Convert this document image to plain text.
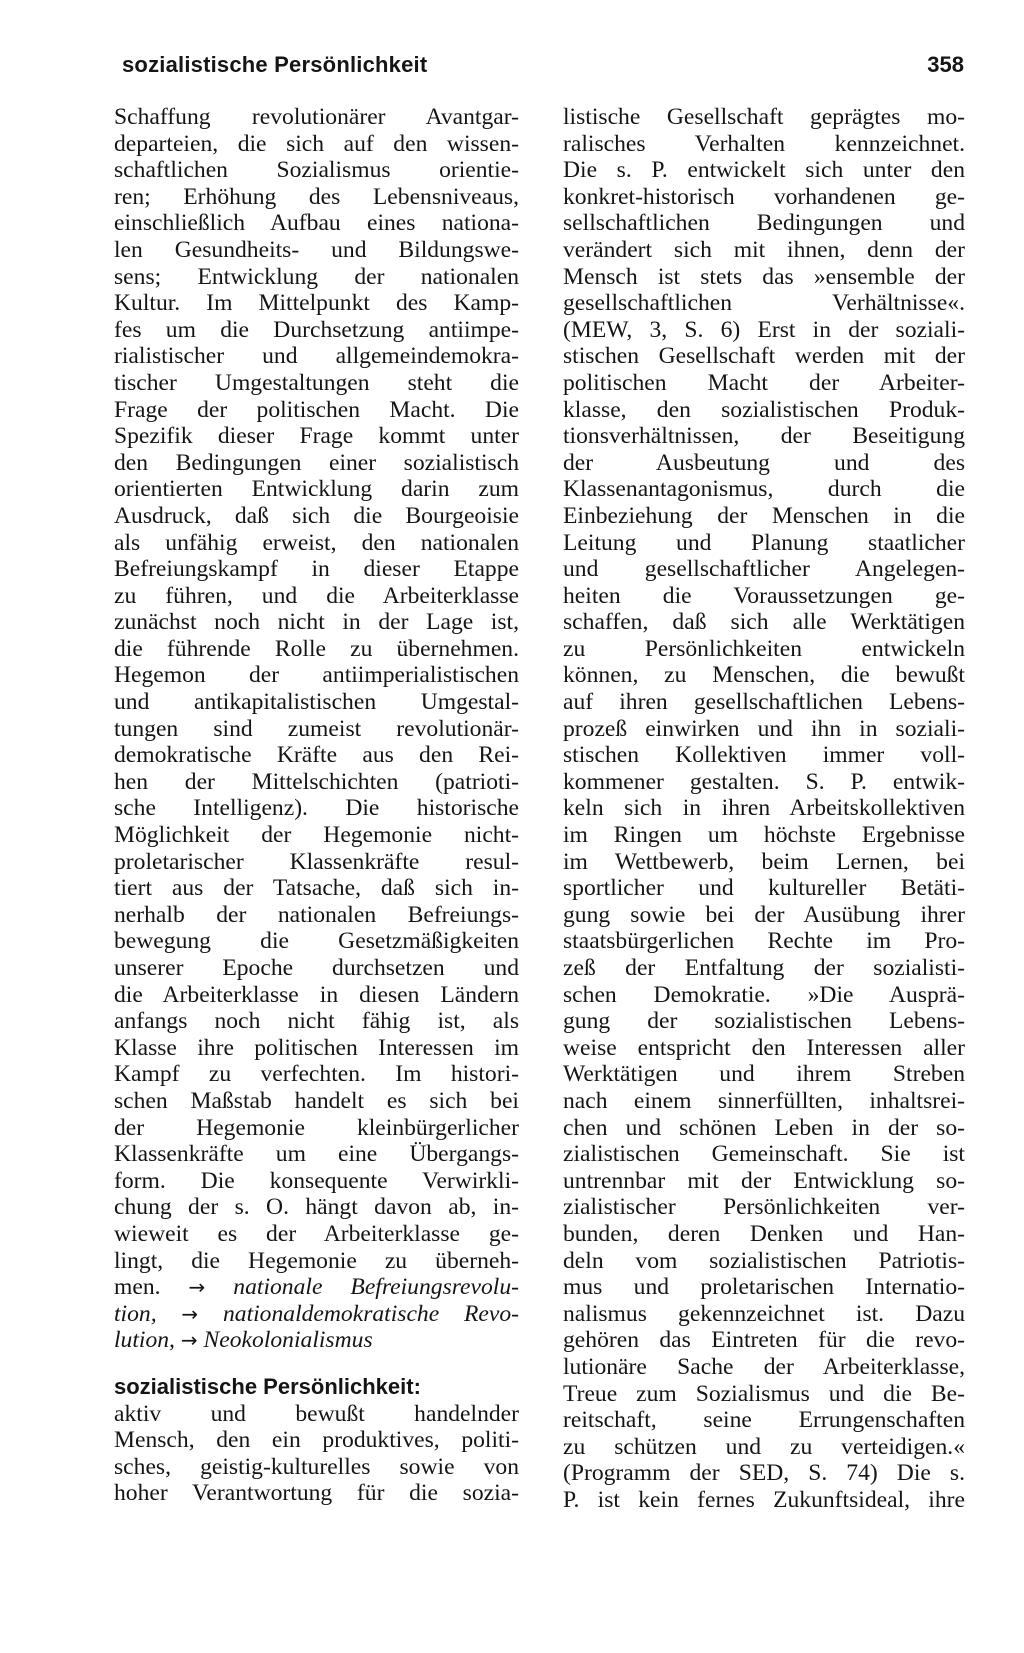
sozialistische Persönlichkeit	358
Schaffung revolutionärer Avantgar-
departeien, die sich auf den wissen-
schaftlichen Sozialismus orientie-
ren; Erhöhung des Lebensniveaus,
einschließlich Aufbau eines nationa-
len Gesundheits- und Bildungswe-
sens; Entwicklung der nationalen
Kultur. Im Mittelpunkt des Kamp-
fes um die Durchsetzung antiimpe-
rialistischer und allgemeindemokra-
tischer Umgestaltungen steht die
Frage der politischen Macht. Die
Spezifik dieser Frage kommt unter
den Bedingungen einer sozialistisch
orientierten Entwicklung darin zum
Ausdruck, daß sich die Bourgeoisie
als unfähig erweist, den nationalen
Befreiungskampf in dieser Etappe
zu führen, und die Arbeiterklasse
zunächst noch nicht in der Lage ist,
die führende Rolle zu übernehmen.
Hegemon der antiimperialistischen
und antikapitalistischen Umgestal-
tungen sind zumeist revolutionär-
demokratische Kräfte aus den Rei-
hen der Mittelschichten (patrioti-
sche Intelligenz). Die historische
Möglichkeit der Hegemonie nicht-
proletarischer Klassenkräfte resul-
tiert aus der Tatsache, daß sich in-
nerhalb der nationalen Befreiungs-
bewegung die Gesetzmäßigkeiten
unserer Epoche durchsetzen und
die Arbeiterklasse in diesen Ländern
anfangs noch nicht fähig ist, als
Klasse ihre politischen Interessen im
Kampf zu verfechten. Im histori-
schen Maßstab handelt es sich bei
der Hegemonie kleinbürgerlicher
Klassenkräfte um eine Übergangs-
form. Die konsequente Verwirkli-
chung der s. O. hängt davon ab, in-
wieweit es der Arbeiterklasse ge-
lingt, die Hegemonie zu überneh-
men. → nationale Befreiungsrevolu-
tion, → nationaldemokratische Revo-
lution, → Neokolonialismus
sozialistische Persönlichkeit:
aktiv und bewußt handelnder
Mensch, den ein produktives, politi-
sches, geistig-kulturelles sowie von
hoher Verantwortung für die sozia-
listische Gesellschaft geprägtes mo-
ralisches Verhalten kennzeichnet.
Die s. P. entwickelt sich unter den
konkret-historisch vorhandenen ge-
sellschaftlichen Bedingungen und
verändert sich mit ihnen, denn der
Mensch ist stets das »ensemble der
gesellschaftlichen Verhältnisse«.
(MEW, 3, S. 6) Erst in der soziali-
stischen Gesellschaft werden mit der
politischen Macht der Arbeiter-
klasse, den sozialistischen Produk-
tionsverhältnissen, der Beseitigung
der Ausbeutung und des
Klassenantagonismus, durch die
Einbeziehung der Menschen in die
Leitung und Planung staatlicher
und gesellschaftlicher Angelegen-
heiten die Voraussetzungen ge-
schaffen, daß sich alle Werktätigen
zu Persönlichkeiten entwickeln
können, zu Menschen, die bewußt
auf ihren gesellschaftlichen Lebens-
prozeß einwirken und ihn in soziali-
stischen Kollektiven immer voll-
kommener gestalten. S. P. entwik-
keln sich in ihren Arbeitskollektiven
im Ringen um höchste Ergebnisse
im Wettbewerb, beim Lernen, bei
sportlicher und kultureller Betäti-
gung sowie bei der Ausübung ihrer
staatsbürgerlichen Rechte im Pro-
zeß der Entfaltung der sozialisti-
schen Demokratie. »Die Ausprä-
gung der sozialistischen Lebens-
weise entspricht den Interessen aller
Werktätigen und ihrem Streben
nach einem sinnerfüllten, inhaltsrei-
chen und schönen Leben in der so-
zialistischen Gemeinschaft. Sie ist
untrennbar mit der Entwicklung so-
zialistischer Persönlichkeiten ver-
bunden, deren Denken und Han-
deln vom sozialistischen Patriotis-
mus und proletarischen Internatio-
nalismus gekennzeichnet ist. Dazu
gehören das Eintreten für die revo-
lutionäre Sache der Arbeiterklasse,
Treue zum Sozialismus und die Be-
reitschaft, seine Errungenschaften
zu schützen und zu verteidigen.«
(Programm der SED, S. 74) Die s.
P. ist kein fernes Zukunftsideal, ihre
